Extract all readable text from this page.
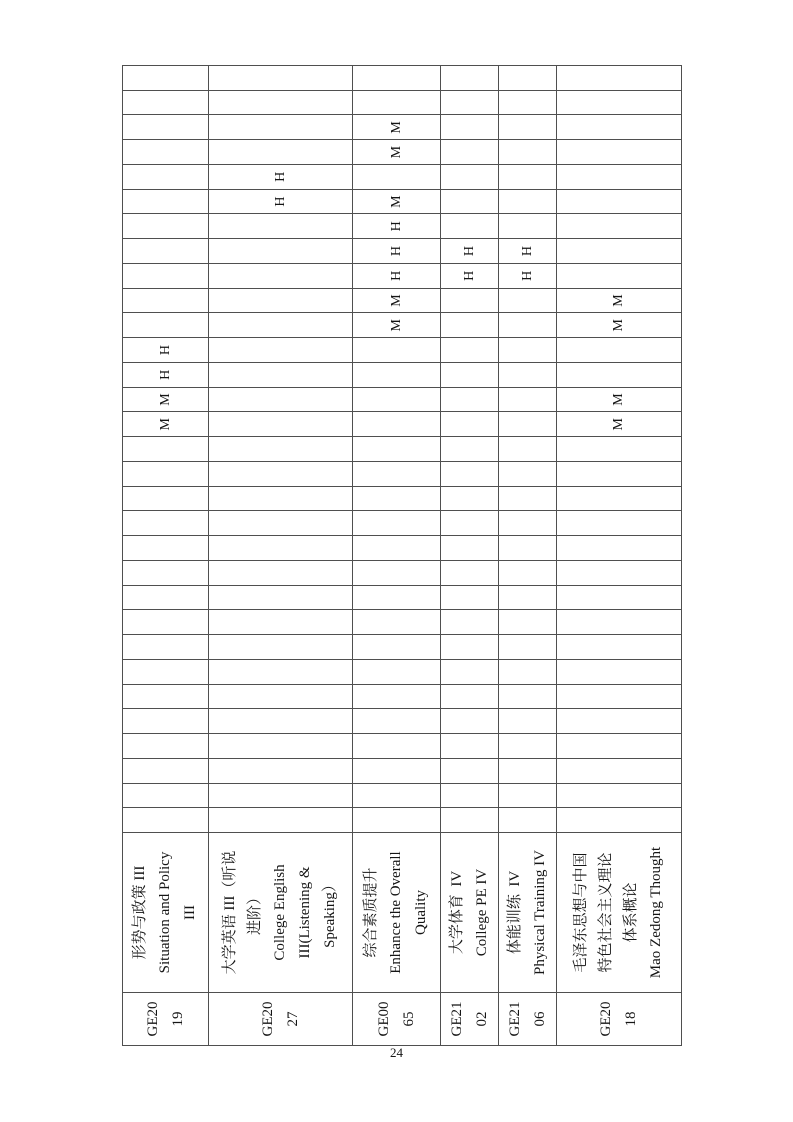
GE20 19
形势与政策 III Situation and Policy III
M
M
H
H
GE20 27
大学英语 III（听说 进阶） College English III(Listening & Speaking）
H
H
GE00 65
综合素质提升 Enhance the Overall Quality
M
M
H
H
H
M
M
M
GE21 02
大学体育  IV College PE IV
H
H
GE21 06
体能训练  IV Physical Training IV
H
H
GE20 18
毛泽东思想与中国 特色社会主义理论 体系概论 Mao Zedong Thought
M
M
M
M
24
